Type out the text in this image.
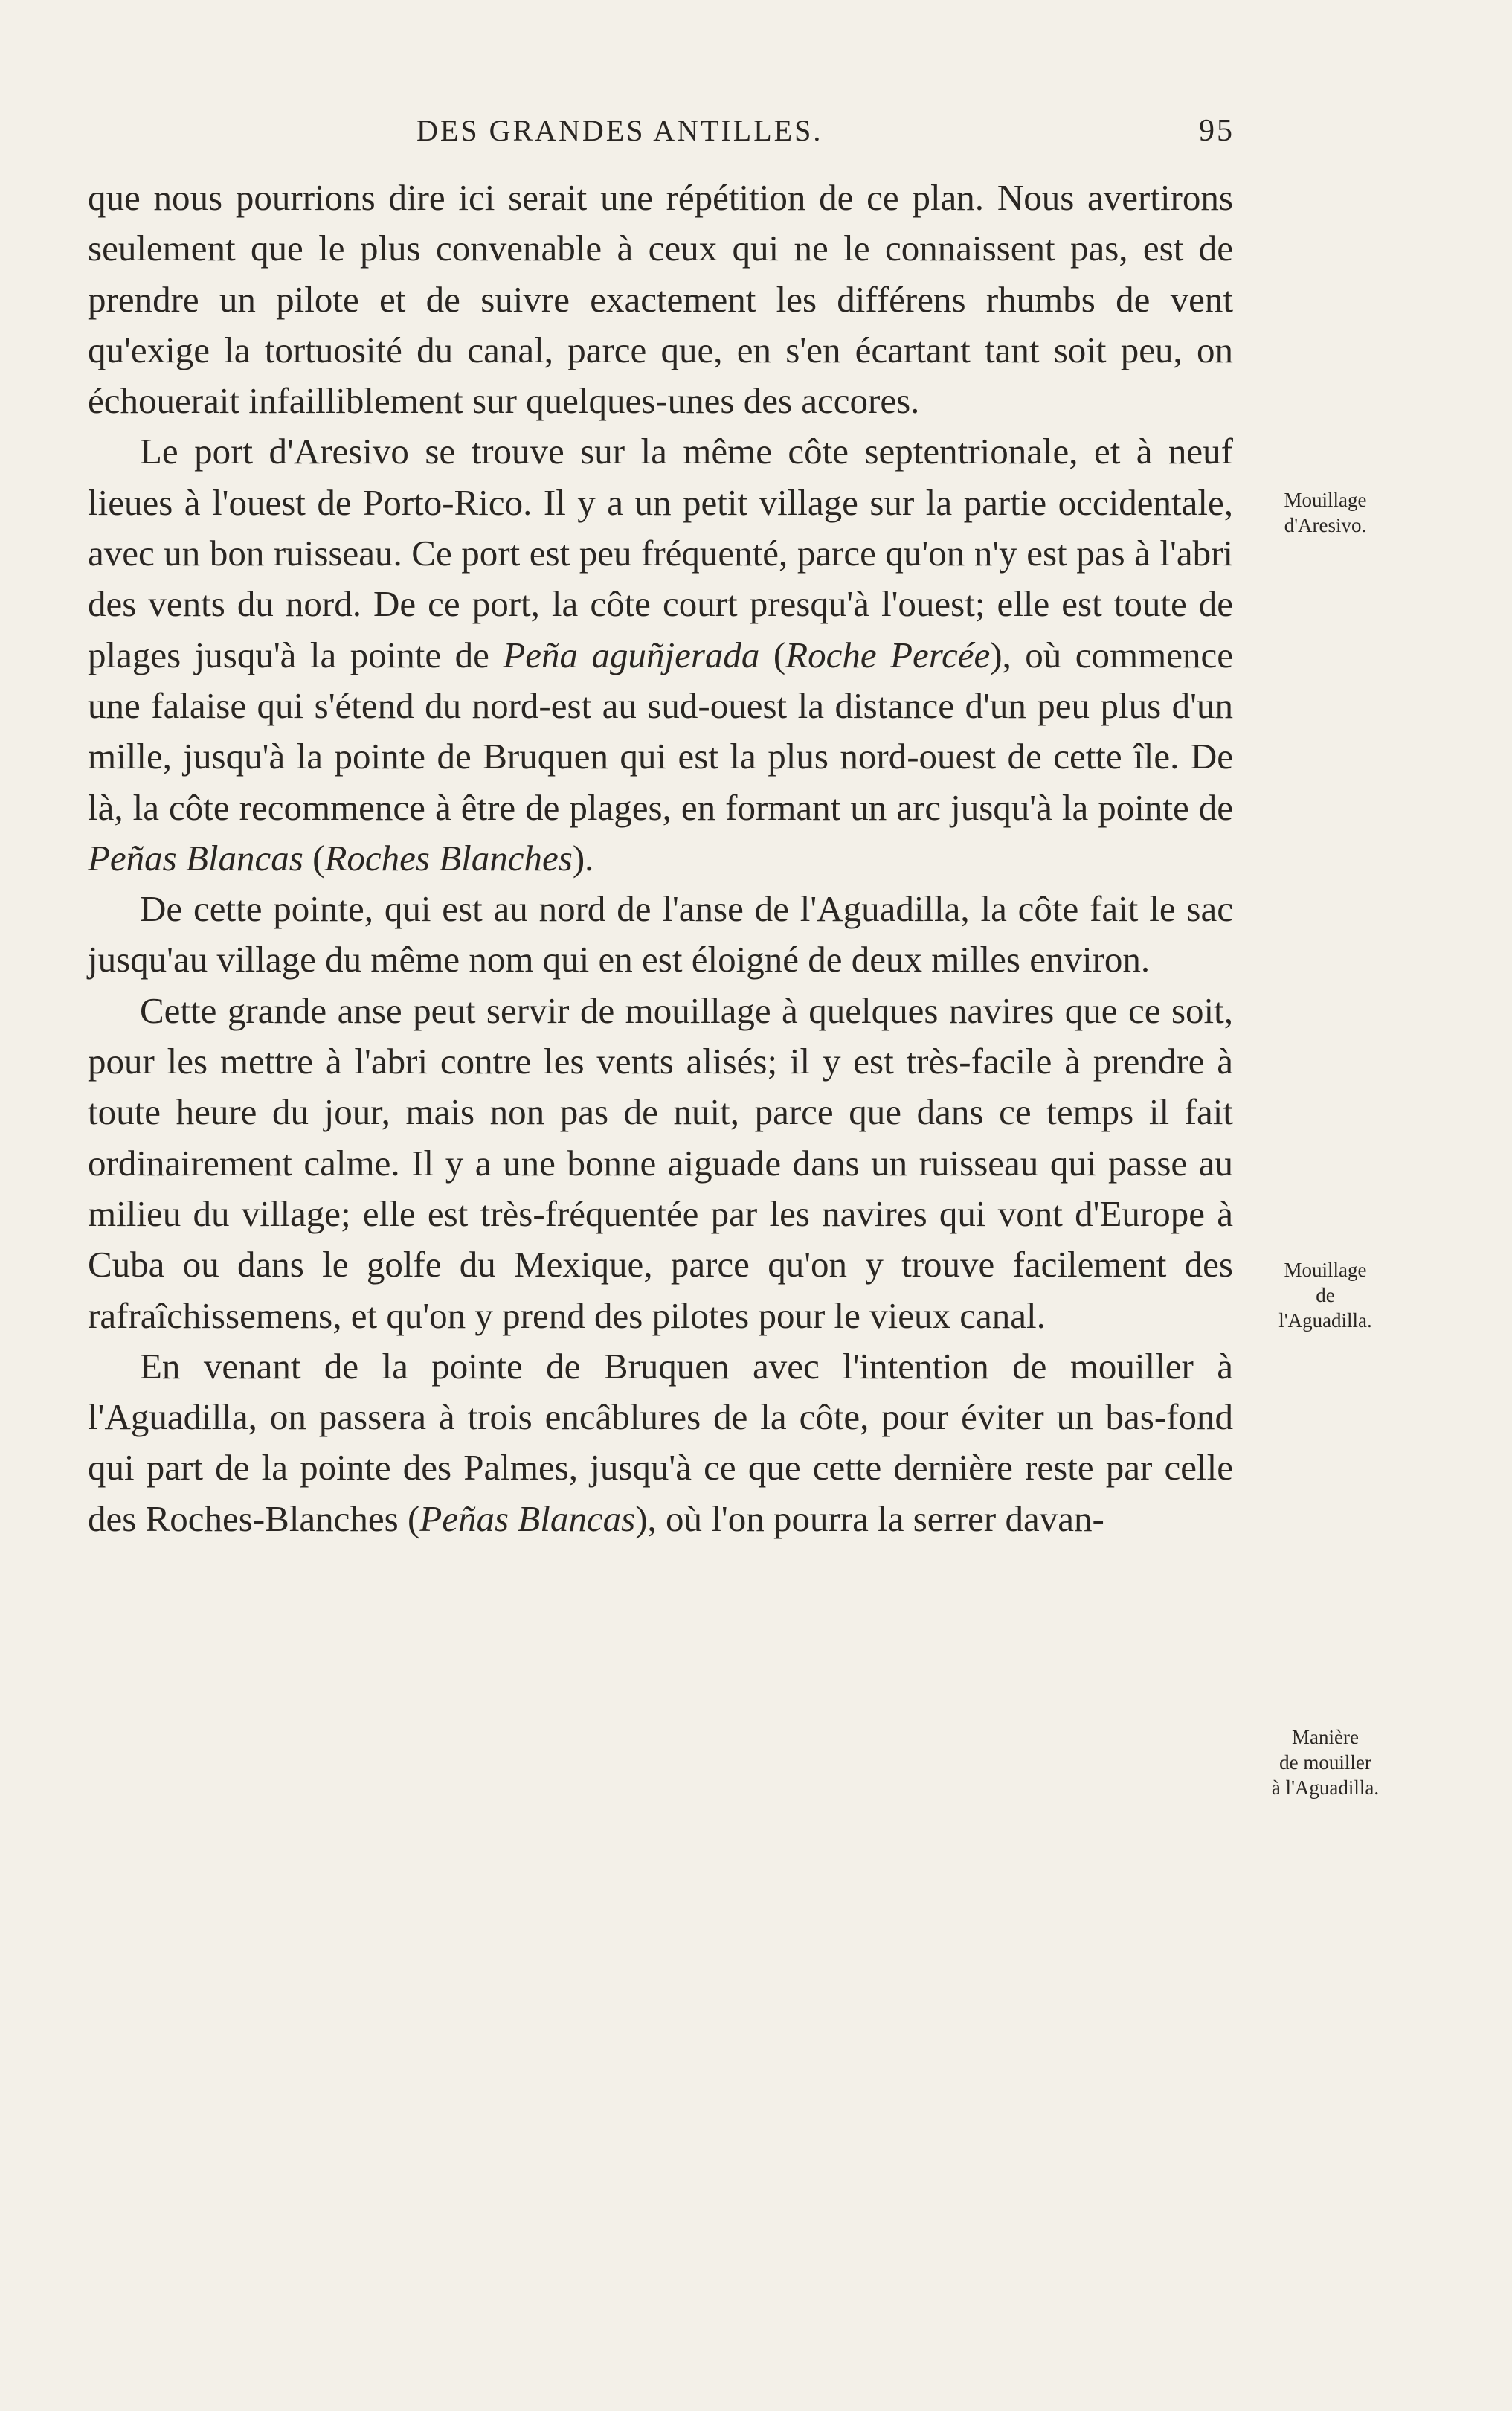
DES GRANDES ANTILLES.	95

que nous pourrions dire ici serait une répétition de ce plan. Nous avertirons seulement que le plus convenable à ceux qui ne le connaissent pas, est de prendre un pilote et de suivre exactement les différens rhumbs de vent qu'exige la tortuosité du canal, parce que, en s'en écartant tant soit peu, on échouerait infailliblement sur quelques-unes des accores.

Le port d'Aresivo se trouve sur la même côte septentrionale, et à neuf lieues à l'ouest de Porto-Rico. Il y a un petit village sur la partie occidentale, avec un bon ruisseau. Ce port est peu fréquenté, parce qu'on n'y est pas à l'abri des vents du nord. De ce port, la côte court presqu'à l'ouest; elle est toute de plages jusqu'à la pointe de Peña aguñjerada (Roche Percée), où commence une falaise qui s'étend du nord-est au sud-ouest la distance d'un peu plus d'un mille, jusqu'à la pointe de Bruquen qui est la plus nord-ouest de cette île. De là, la côte recommence à être de plages, en formant un arc jusqu'à la pointe de Peñas Blancas (Roches Blanches).

De cette pointe, qui est au nord de l'anse de l'Aguadilla, la côte fait le sac jusqu'au village du même nom qui en est éloigné de deux milles environ.

Cette grande anse peut servir de mouillage à quelques navires que ce soit, pour les mettre à l'abri contre les vents alisés; il y est très-facile à prendre à toute heure du jour, mais non pas de nuit, parce que dans ce temps il fait ordinairement calme. Il y a une bonne aiguade dans un ruisseau qui passe au milieu du village; elle est très-fréquentée par les navires qui vont d'Europe à Cuba ou dans le golfe du Mexique, parce qu'on y trouve facilement des rafraîchissemens, et qu'on y prend des pilotes pour le vieux canal.

En venant de la pointe de Bruquen avec l'intention de mouiller à l'Aguadilla, on passera à trois encâblures de la côte, pour éviter un bas-fond qui part de la pointe des Palmes, jusqu'à ce que cette dernière reste par celle des Roches-Blanches (Peñas Blancas), où l'on pourra la serrer davan-

Mouillage
d'Aresivo.
Mouillage
de
l'Aguadilla.
Manière
de mouiller
à l'Aguadilla.
